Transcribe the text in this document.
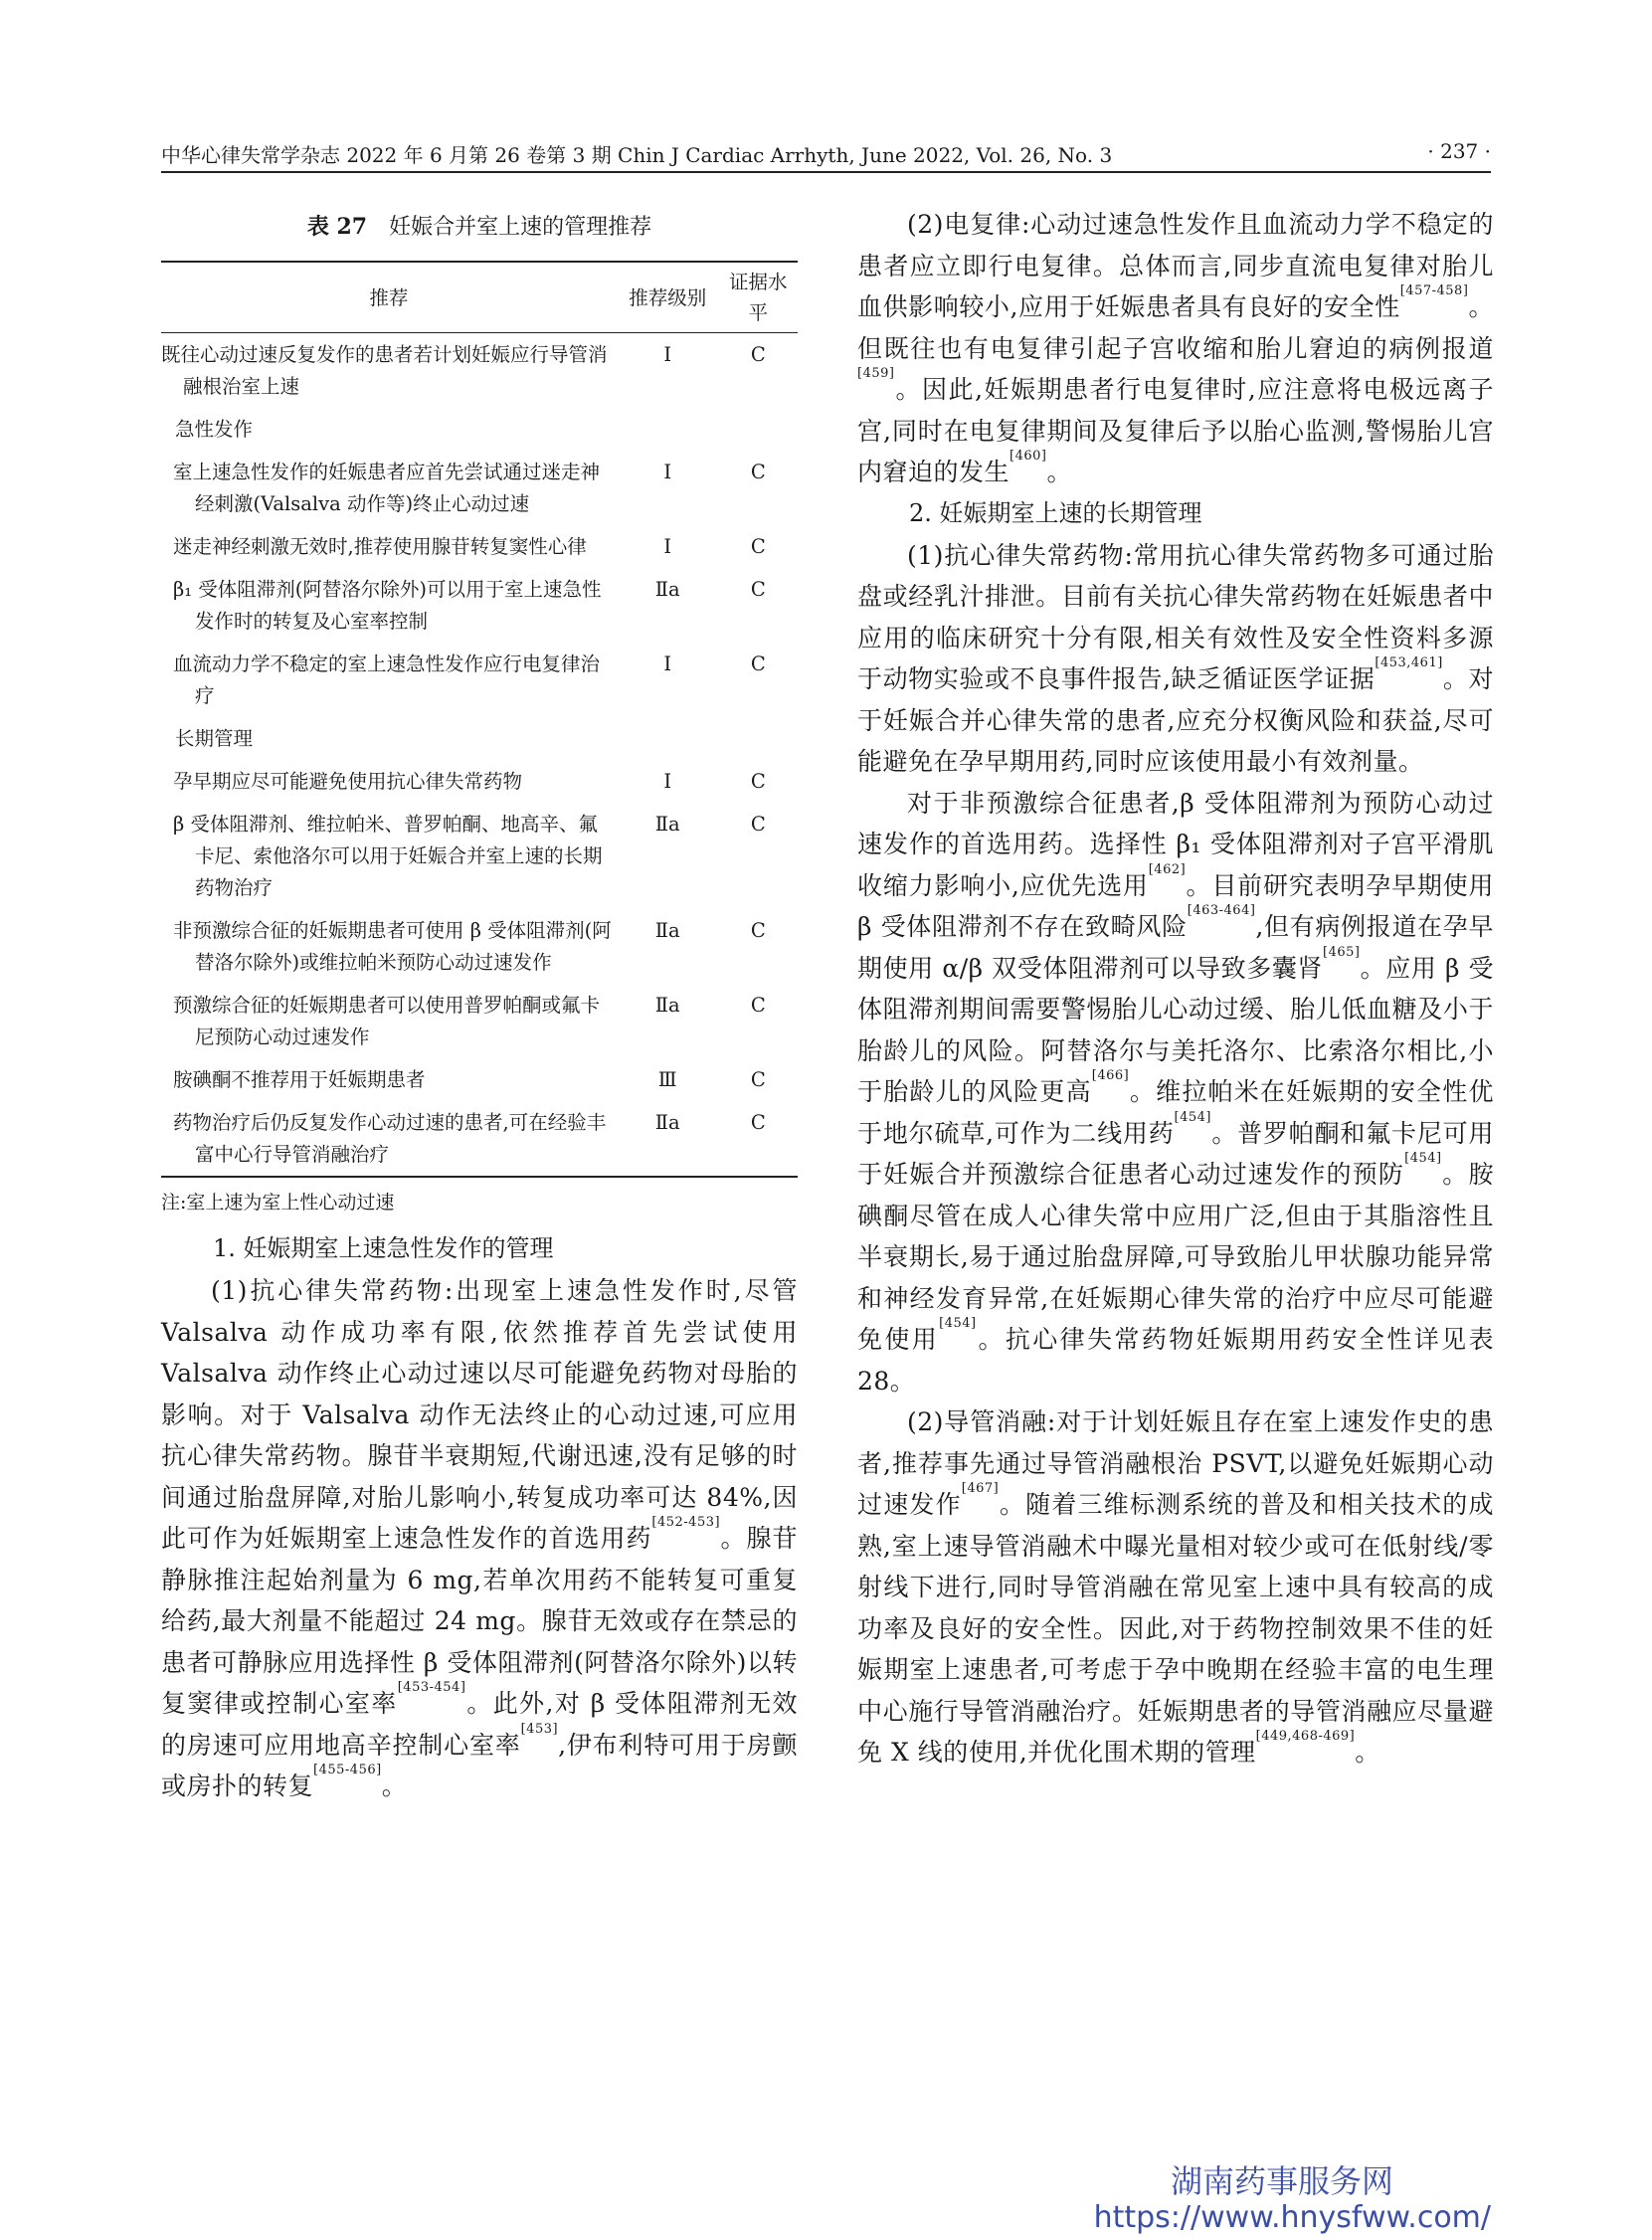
中华心律失常学杂志 2022 年 6 月第 26 卷第 3 期 Chin J Cardiac Arrhyth, June 2022, Vol. 26, No. 3	· 237 ·
表 27 妊娠合并室上速的管理推荐
推荐	推荐级别	证据水平
既往心动过速反复发作的患者若计划妊娠应行导管消融根治室上速	Ⅰ	C
急性发作		
室上速急性发作的妊娠患者应首先尝试通过迷走神经刺激(Valsalva 动作等)终止心动过速	Ⅰ	C
迷走神经刺激无效时,推荐使用腺苷转复窦性心律	Ⅰ	C
β₁ 受体阻滞剂(阿替洛尔除外)可以用于室上速急性发作时的转复及心室率控制	Ⅱa	C
血流动力学不稳定的室上速急性发作应行电复律治疗	Ⅰ	C
长期管理		
孕早期应尽可能避免使用抗心律失常药物	Ⅰ	C
β 受体阻滞剂、维拉帕米、普罗帕酮、地高辛、氟卡尼、索他洛尔可以用于妊娠合并室上速的长期药物治疗	Ⅱa	C
非预激综合征的妊娠期患者可使用 β 受体阻滞剂(阿替洛尔除外)或维拉帕米预防心动过速发作	Ⅱa	C
预激综合征的妊娠期患者可以使用普罗帕酮或氟卡尼预防心动过速发作	Ⅱa	C
胺碘酮不推荐用于妊娠期患者	Ⅲ	C
药物治疗后仍反复发作心动过速的患者,可在经验丰富中心行导管消融治疗	Ⅱa	C
注:室上速为室上性心动过速
1. 妊娠期室上速急性发作的管理

(1)抗心律失常药物:出现室上速急性发作时,尽管 Valsalva 动作成功率有限,依然推荐首先尝试使用 Valsalva 动作终止心动过速以尽可能避免药物对母胎的影响。对于 Valsalva 动作无法终止的心动过速,可应用抗心律失常药物。腺苷半衰期短,代谢迅速,没有足够的时间通过胎盘屏障,对胎儿影响小,转复成功率可达 84%,因此可作为妊娠期室上速急性发作的首选用药[452-453]。腺苷静脉推注起始剂量为 6 mg,若单次用药不能转复可重复给药,最大剂量不能超过 24 mg。腺苷无效或存在禁忌的患者可静脉应用选择性 β 受体阻滞剂(阿替洛尔除外)以转复窦律或控制心室率[453-454]。此外,对 β 受体阻滞剂无效的房速可应用地高辛控制心室率[453],伊布利特可用于房颤或房扑的转复[455-456]。

(2)电复律:心动过速急性发作且血流动力学不稳定的患者应立即行电复律。总体而言,同步直流电复律对胎儿血供影响较小,应用于妊娠患者具有良好的安全性[457-458]。但既往也有电复律引起子宫收缩和胎儿窘迫的病例报道[459]。因此,妊娠期患者行电复律时,应注意将电极远离子宫,同时在电复律期间及复律后予以胎心监测,警惕胎儿宫内窘迫的发生[460]。

2. 妊娠期室上速的长期管理

(1)抗心律失常药物:常用抗心律失常药物多可通过胎盘或经乳汁排泄。目前有关抗心律失常药物在妊娠患者中应用的临床研究十分有限,相关有效性及安全性资料多源于动物实验或不良事件报告,缺乏循证医学证据[453,461]。对于妊娠合并心律失常的患者,应充分权衡风险和获益,尽可能避免在孕早期用药,同时应该使用最小有效剂量。

对于非预激综合征患者,β 受体阻滞剂为预防心动过速发作的首选用药。选择性 β₁ 受体阻滞剂对子宫平滑肌收缩力影响小,应优先选用[462]。目前研究表明孕早期使用 β 受体阻滞剂不存在致畸风险[463-464],但有病例报道在孕早期使用 α/β 双受体阻滞剂可以导致多囊肾[465]。应用 β 受体阻滞剂期间需要警惕胎儿心动过缓、胎儿低血糖及小于胎龄儿的风险。阿替洛尔与美托洛尔、比索洛尔相比,小于胎龄儿的风险更高[466]。维拉帕米在妊娠期的安全性优于地尔硫草,可作为二线用药[454]。普罗帕酮和氟卡尼可用于妊娠合并预激综合征患者心动过速发作的预防[454]。胺碘酮尽管在成人心律失常中应用广泛,但由于其脂溶性且半衰期长,易于通过胎盘屏障,可导致胎儿甲状腺功能异常和神经发育异常,在妊娠期心律失常的治疗中应尽可能避免使用[454]。抗心律失常药物妊娠期用药安全性详见表 28。

(2)导管消融:对于计划妊娠且存在室上速发作史的患者,推荐事先通过导管消融根治 PSVT,以避免妊娠期心动过速发作[467]。随着三维标测系统的普及和相关技术的成熟,室上速导管消融术中曝光量相对较少或可在低射线/零射线下进行,同时导管消融在常见室上速中具有较高的成功率及良好的安全性。因此,对于药物控制效果不佳的妊娠期室上速患者,可考虑于孕中晚期在经验丰富的电生理中心施行导管消融治疗。妊娠期患者的导管消融应尽量避免 X 线的使用,并优化围术期的管理[449,468-469]。

湖南药事服务网
https://www.hnysfww.com/
